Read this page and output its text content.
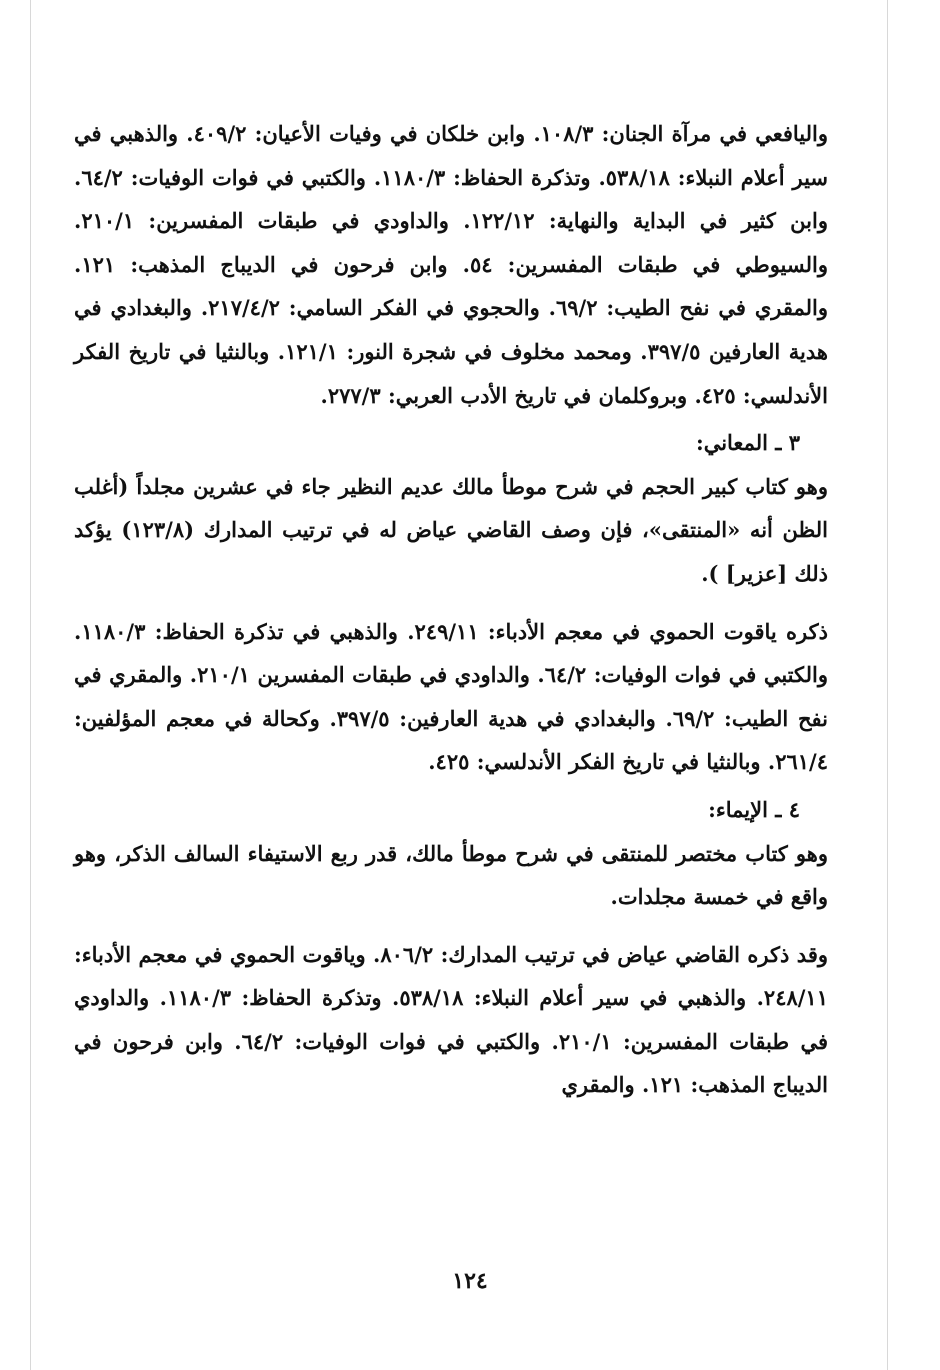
واليافعي في مرآة الجنان: ١٠٨/٣. وابن خلكان في وفيات الأعيان: ٤٠٩/٢. والذهبي في سير أعلام النبلاء: ٥٣٨/١٨. وتذكرة الحفاظ: ١١٨٠/٣. والكتبي في فوات الوفيات: ٦٤/٢. وابن كثير في البداية والنهاية: ١٢٢/١٢. والداودي في طبقات المفسرين: ٢١٠/١. والسيوطي في طبقات المفسرين: ٥٤. وابن فرحون في الديباج المذهب: ١٢١. والمقري في نفح الطيب: ٦٩/٢. والحجوي في الفكر السامي: ٢١٧/٤/٢. والبغدادي في هدية العارفين ٣٩٧/٥. ومحمد مخلوف في شجرة النور: ١٢١/١. وبالنثيا في تاريخ الفكر الأندلسي: ٤٢٥. وبروكلمان في تاريخ الأدب العربي: ٢٧٧/٣.

٣ ـ المعاني:

وهو كتاب كبير الحجم في شرح موطأ مالك عديم النظير جاء في عشرين مجلداً (أغلب الظن أنه «المنتقى»، فإن وصف القاضي عياض له في ترتيب المدارك (١٢٣/٨) يؤكد ذلك [عزير] ).

ذكره ياقوت الحموي في معجم الأدباء: ٢٤٩/١١. والذهبي في تذكرة الحفاظ: ١١٨٠/٣. والكتبي في فوات الوفيات: ٦٤/٢. والداودي في طبقات المفسرين ٢١٠/١. والمقري في نفح الطيب: ٦٩/٢. والبغدادي في هدية العارفين: ٣٩٧/٥. وكحالة في معجم المؤلفين: ٢٦١/٤. وبالنثيا في تاريخ الفكر الأندلسي: ٤٢٥.

٤ ـ الإيماء:

وهو كتاب مختصر للمنتقى في شرح موطأ مالك، قدر ربع الاستيفاء السالف الذكر، وهو واقع في خمسة مجلدات.

وقد ذكره القاضي عياض في ترتيب المدارك: ٨٠٦/٢. وياقوت الحموي في معجم الأدباء: ٢٤٨/١١. والذهبي في سير أعلام النبلاء: ٥٣٨/١٨. وتذكرة الحفاظ: ١١٨٠/٣. والداودي في طبقات المفسرين: ٢١٠/١. والكتبي في فوات الوفيات: ٦٤/٢. وابن فرحون في الديباج المذهب: ١٢١. والمقري

١٢٤
